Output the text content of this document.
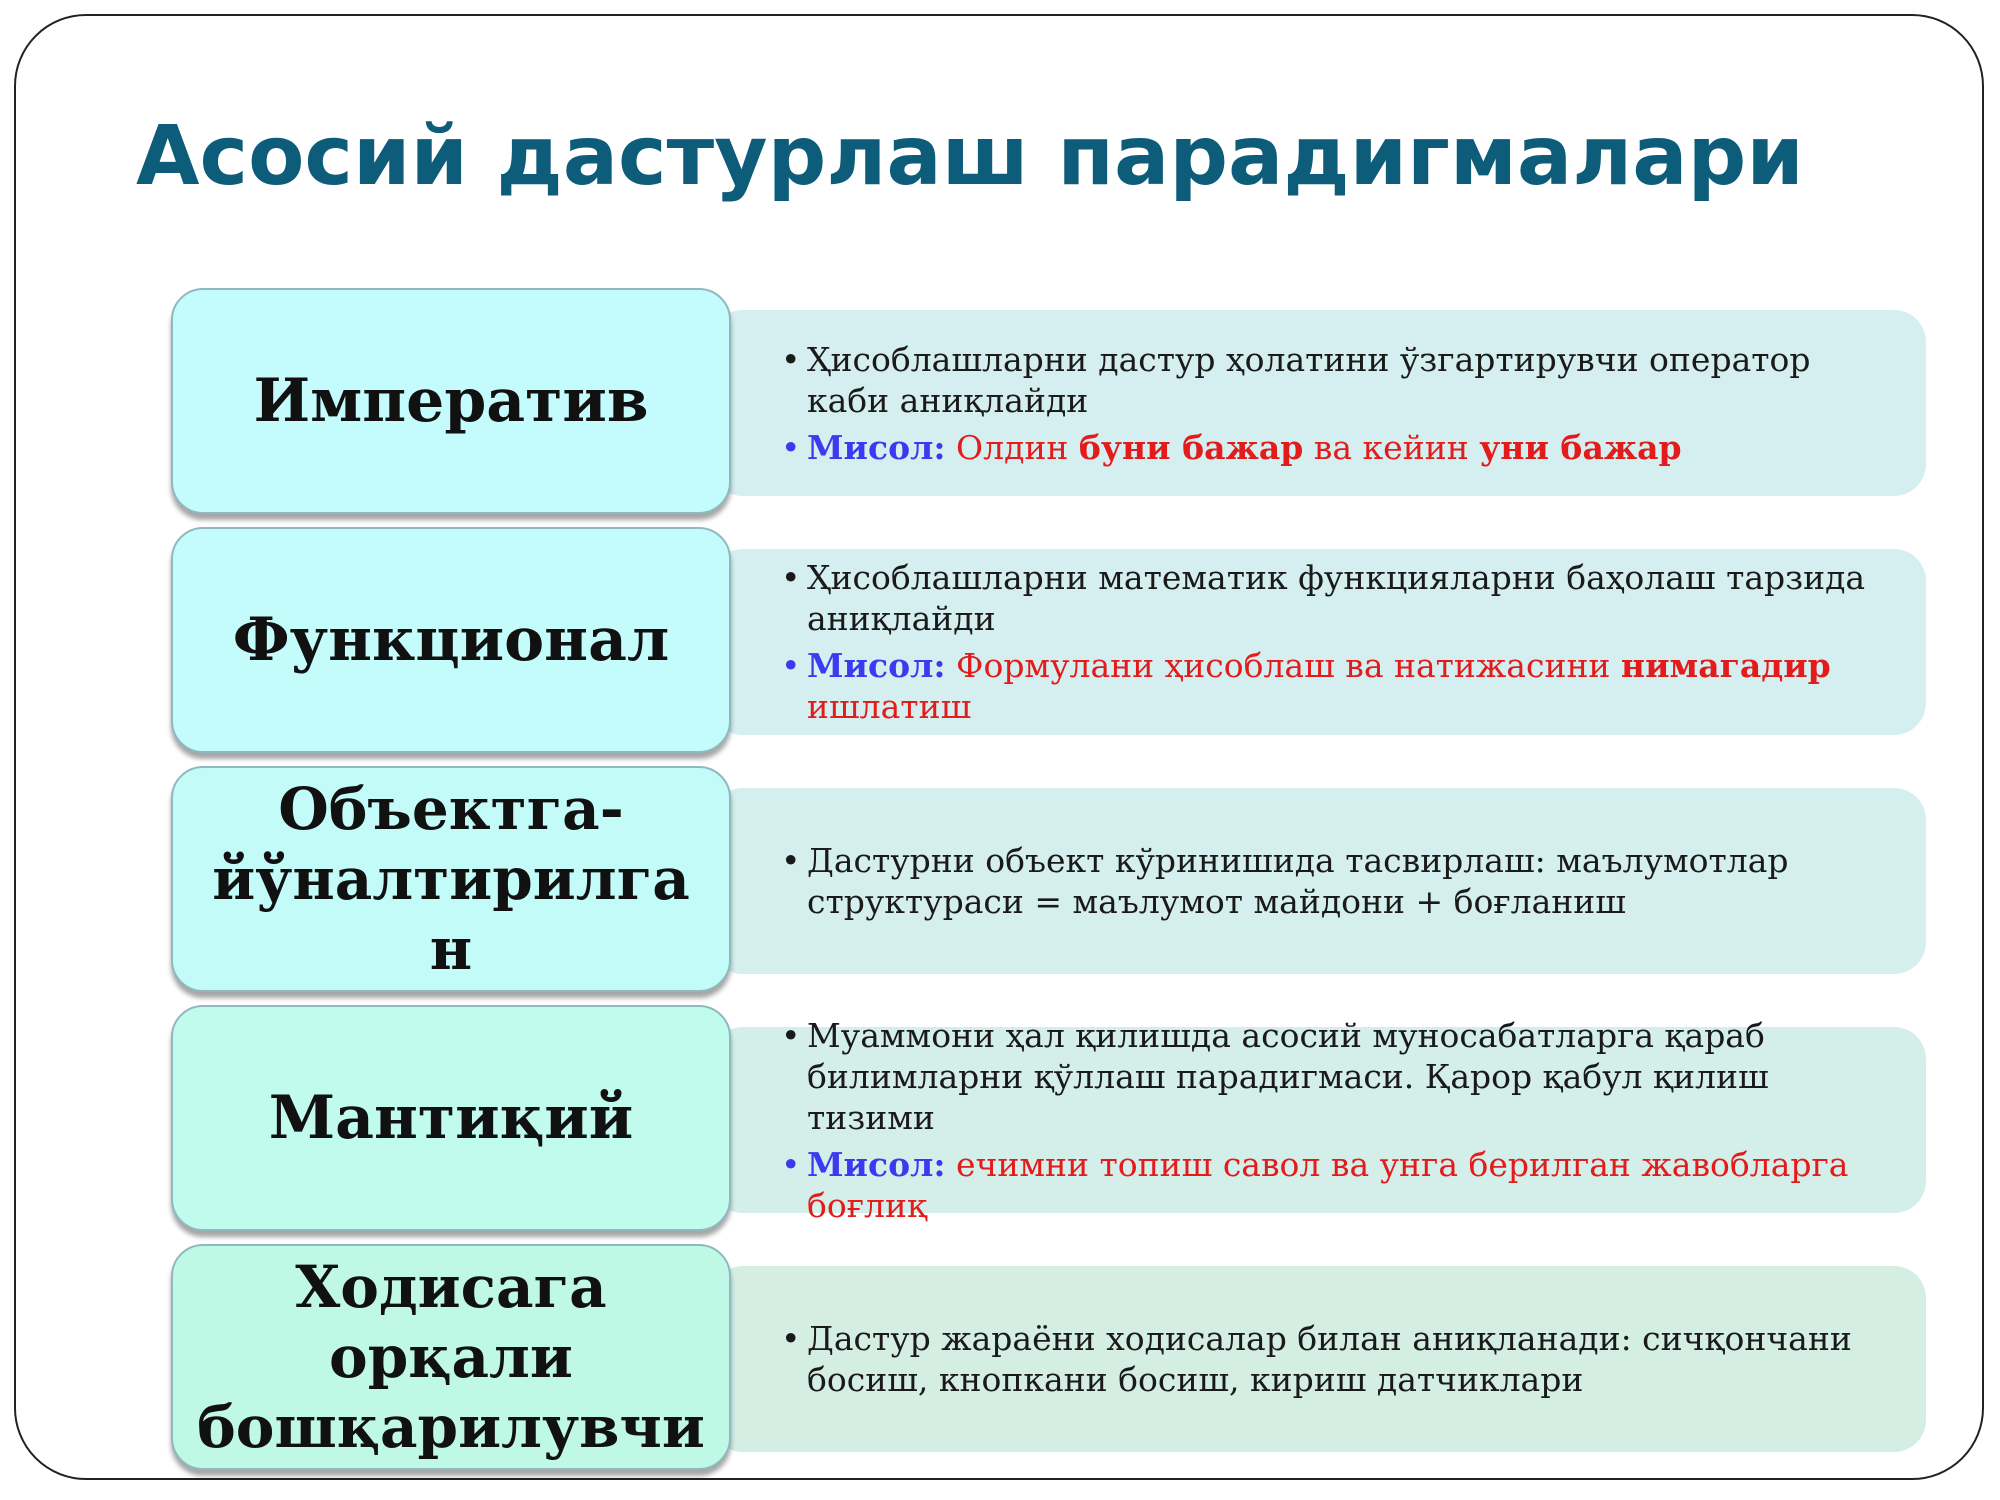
Асосий дастурлаш парадигмалари
• Ҳисоблашларни дастур ҳолатини ўзгартирувчи оператор каби аниқлайди
• Мисол: Олдин буни бажар ва кейин уни бажар
Императив
• Ҳисоблашларни математик функцияларни баҳолаш тарзида аниқлайди
• Мисол: Формулани ҳисоблаш ва натижасини нимагадир ишлатиш
Функционал
• Дастурни объект кўринишида тасвирлаш: маълумотлар структураси = маълумот майдони + боғланиш
Объектга-
йўналтирилга
н
• Муаммони ҳал қилишда асосий муносабатларга қараб билимларни қўллаш парадигмаси. Қарор қабул қилиш тизими
• Мисол: ечимни топиш савол ва унга берилган жавобларга боғлиқ
Мантиқий
• Дастур жараёни ходисалар билан аниқланади: сичқончани босиш, кнопкани босиш, кириш датчиклари
Ходисага
орқали
бошқарилувчи
